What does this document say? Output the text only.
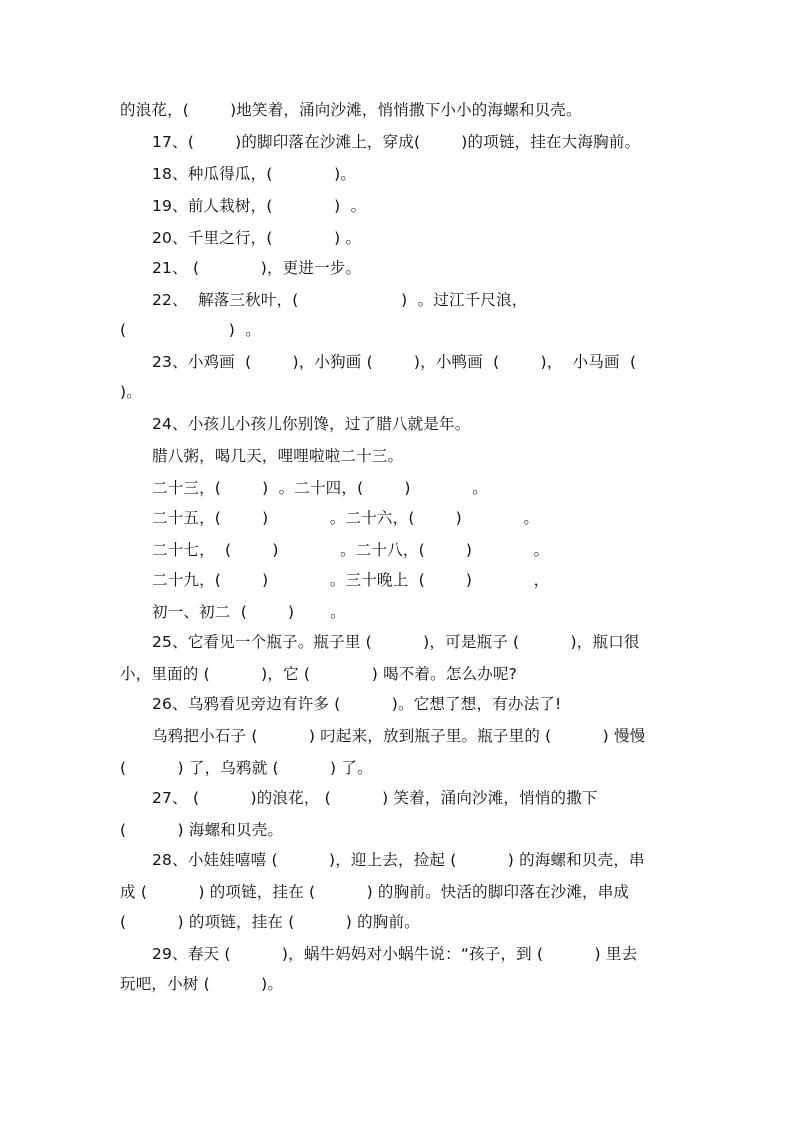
的浪花，(        )地笑着，涌向沙滩，悄悄撒下小小的海螺和贝壳。
17、(        )的脚印落在沙滩上，穿成(        )的项链，挂在大海胸前。
18、种瓜得瓜，(            )。
19、前人栽树，(            )  。
20、千里之行，(            ) 。
21、 (            )，更进一步。
22、  解落三秋叶，(                    )  。过江千尺浪，
(                    )  。
23、小鸡画  (        )，小狗画 (        )，小鸭画  (        )，  小马画  (
)。
24、小孩儿小孩儿你别馋，过了腊八就是年。
腊八粥，喝几天，哩哩啦啦二十三。
二十三，(        )  。二十四，(        )            。
二十五，(        )            。二十六，(        )            。
二十七，  (        )            。二十八，(        )            。
二十九，(        )            。三十晚上  (        )            ，
初一、初二  (        )       。
25、它看见一个瓶子。瓶子里 (          )，可是瓶子 (          )，瓶口很
小，里面的 (          )，它 (            ) 喝不着。怎么办呢?
26、乌鸦看见旁边有许多 (          )。它想了想，有办法了!
乌鸦把小石子 (          ) 叼起来，放到瓶子里。瓶子里的 (          ) 慢慢
(          ) 了，乌鸦就 (          ) 了。
27、 (          )的浪花， (          ) 笑着，涌向沙滩，悄悄的撒下
(          ) 海螺和贝壳。
28、小娃娃嘻嘻 (          )，迎上去，捡起 (          ) 的海螺和贝壳，串
成 (          ) 的项链，挂在 (          ) 的胸前。快活的脚印落在沙滩，串成
(          ) 的项链，挂在 (          ) 的胸前。
29、春天 (          )，蜗牛妈妈对小蜗牛说：“孩子，到 (          ) 里去
玩吧，小树 (          )。
